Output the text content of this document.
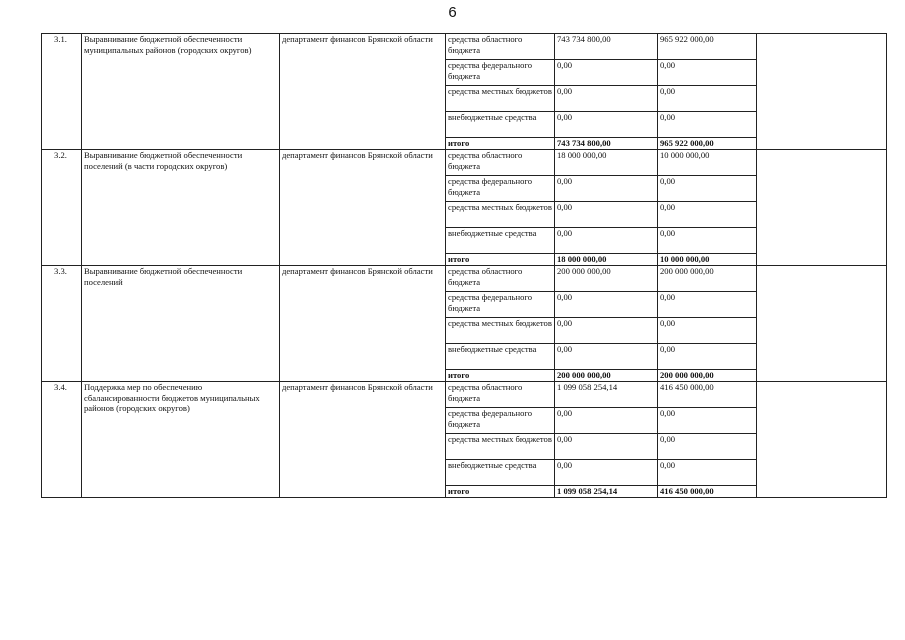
6
3.1.	Выравнивание бюджетной обеспеченности муниципальных районов (городских округов)	департамент финансов Брянской области	средства областного бюджета	743 734 800,00	965 922 000,00	
			средства федерального бюджета	0,00	0,00	
			средства местных бюджетов	0,00	0,00	
			внебюджетные средства	0,00	0,00	
			итого	743 734 800,00	965 922 000,00	
3.2.	Выравнивание бюджетной обеспеченности поселений (в части городских округов)	департамент финансов Брянской области	средства областного бюджета	18 000 000,00	10 000 000,00	
			средства федерального бюджета	0,00	0,00	
			средства местных бюджетов	0,00	0,00	
			внебюджетные средства	0,00	0,00	
			итого	18 000 000,00	10 000 000,00	
3.3.	Выравнивание бюджетной обеспеченности поселений	департамент финансов Брянской области	средства областного бюджета	200 000 000,00	200 000 000,00	
			средства федерального бюджета	0,00	0,00	
			средства местных бюджетов	0,00	0,00	
			внебюджетные средства	0,00	0,00	
			итого	200 000 000,00	200 000 000,00	
3.4.	Поддержка мер по обеспечению сбалансированности бюджетов муниципальных районов (городских округов)	департамент финансов Брянской области	средства областного бюджета	1 099 058 254,14	416 450 000,00	
			средства федерального бюджета	0,00	0,00	
			средства местных бюджетов	0,00	0,00	
			внебюджетные средства	0,00	0,00	
			итого	1 099 058 254,14	416 450 000,00	
